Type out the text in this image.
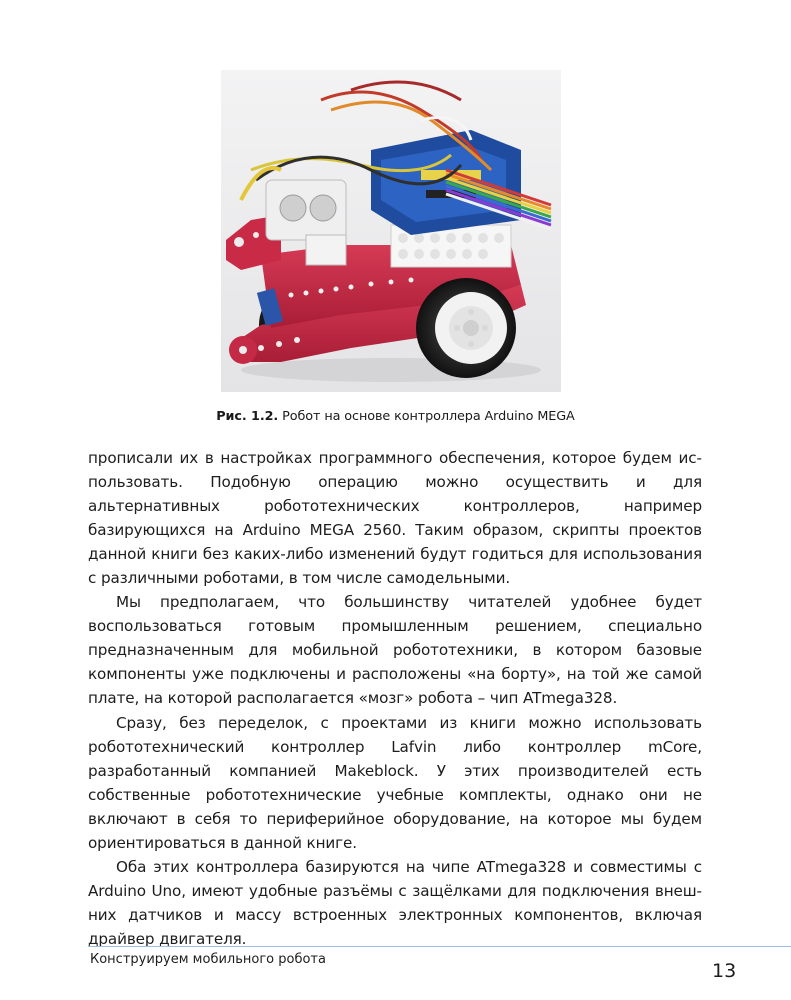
Рис. 1.2. Робот на основе контроллера Arduino MEGA

прописали их в настройках программного обеспечения, которое будем использовать. Подобную операцию можно осуществить и для альтернативных робототехнических контроллеров, например базирующихся на Arduino MEGA 2560. Таким образом, скрипты проектов данной книги без каких-либо изменений будут годиться для использования с различными роботами, в том числе самодельными.

Мы предполагаем, что большинству читателей удобнее будет воспользоваться готовым промышленным решением, специально предназначенным для мобильной робототехники, в котором базовые компоненты уже подключены и расположены «на борту», на той же самой плате, на которой располагается «мозг» робота – чип ATmega328.

Сразу, без переделок, с проектами из книги можно использовать робототехнический контроллер Lafvin либо контроллер mCore, разработанный компанией Makeblock. У этих производителей есть собственные робототехнические учебные комплекты, однако они не включают в себя то периферийное оборудование, на которое мы будем ориентироваться в данной книге.

Оба этих контроллера базируются на чипе ATmega328 и совместимы с Arduino Uno, имеют удобные разъёмы с защёлками для подключения внешних датчиков и массу встроенных электронных компонентов, включая драйвер двигателя.

Конструируем мобильного робота
13
